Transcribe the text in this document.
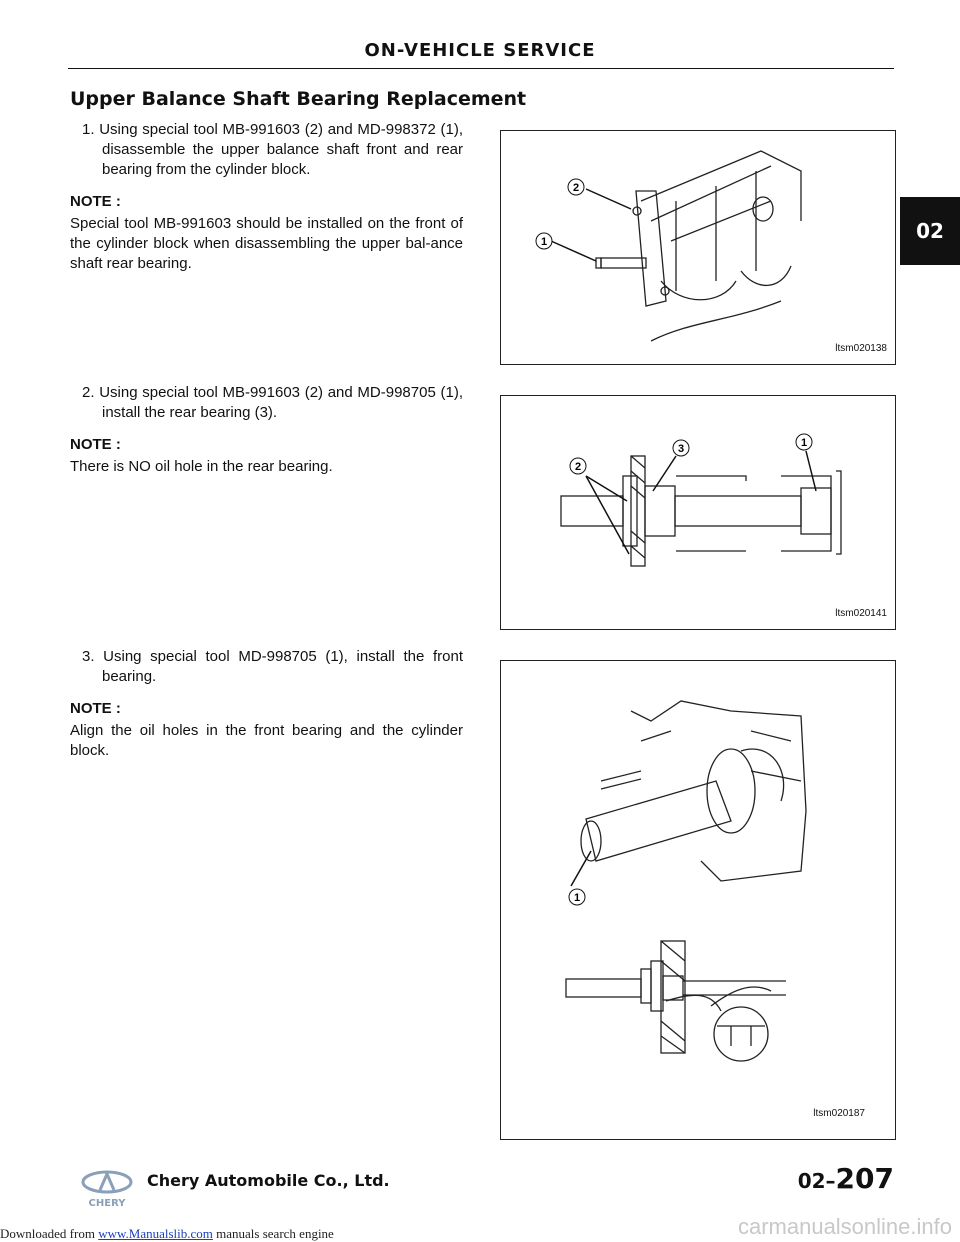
ON-VEHICLE SERVICE
Upper Balance Shaft Bearing Replacement

1. Using special tool MB-991603 (2) and MD-998372 (1), disassemble the upper balance shaft front and rear bearing from the cylinder block.

NOTE :

Special tool MB-991603 should be installed on the front of the cylinder block when disassembling the upper bal-ance shaft rear bearing.

2. Using special tool MB-991603 (2) and MD-998705 (1), install the rear bearing (3).

NOTE :

There is NO oil hole in the rear bearing.

3. Using special tool MD-998705 (1), install the front bearing.

NOTE :

Align the oil holes in the front bearing and the cylinder block.

2
1
ltsm020138
3	1
2
ltsm020141
1
ltsm020187
02
CHERY
Chery Automobile Co., Ltd.	02–207
Downloaded from www.Manualslib.com manuals search engine	carmanualsonline.info
